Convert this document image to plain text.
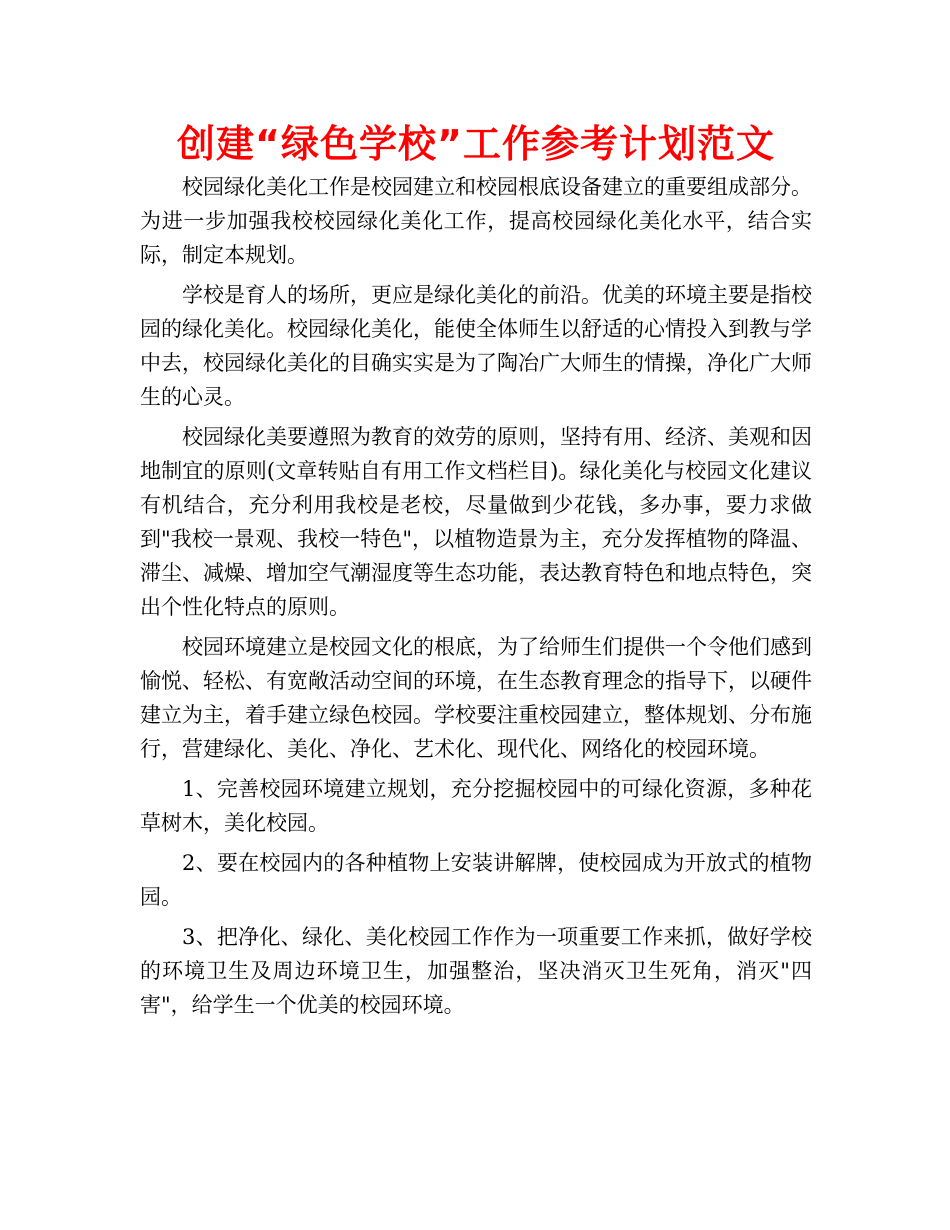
创建“绿色学校”工作参考计划范文

校园绿化美化工作是校园建立和校园根底设备建立的重要组成部分。为进一步加强我校校园绿化美化工作，提高校园绿化美化水平，结合实际，制定本规划。

学校是育人的场所，更应是绿化美化的前沿。优美的环境主要是指校园的绿化美化。校园绿化美化，能使全体师生以舒适的心情投入到教与学中去，校园绿化美化的目确实实是为了陶冶广大师生的情操，净化广大师生的心灵。

校园绿化美要遵照为教育的效劳的原则，坚持有用、经济、美观和因地制宜的原则(文章转贴自有用工作文档栏目)。绿化美化与校园文化建议有机结合，充分利用我校是老校，尽量做到少花钱，多办事，要力求做到"我校一景观、我校一特色"，以植物造景为主，充分发挥植物的降温、滞尘、减燥、增加空气潮湿度等生态功能，表达教育特色和地点特色，突出个性化特点的原则。

校园环境建立是校园文化的根底，为了给师生们提供一个令他们感到愉悦、轻松、有宽敞活动空间的环境，在生态教育理念的指导下，以硬件建立为主，着手建立绿色校园。学校要注重校园建立，整体规划、分布施行，营建绿化、美化、净化、艺术化、现代化、网络化的校园环境。

1、完善校园环境建立规划，充分挖掘校园中的可绿化资源，多种花草树木，美化校园。

2、要在校园内的各种植物上安装讲解牌，使校园成为开放式的植物园。

3、把净化、绿化、美化校园工作作为一项重要工作来抓，做好学校的环境卫生及周边环境卫生，加强整治，坚决消灭卫生死角，消灭"四害"，给学生一个优美的校园环境。
